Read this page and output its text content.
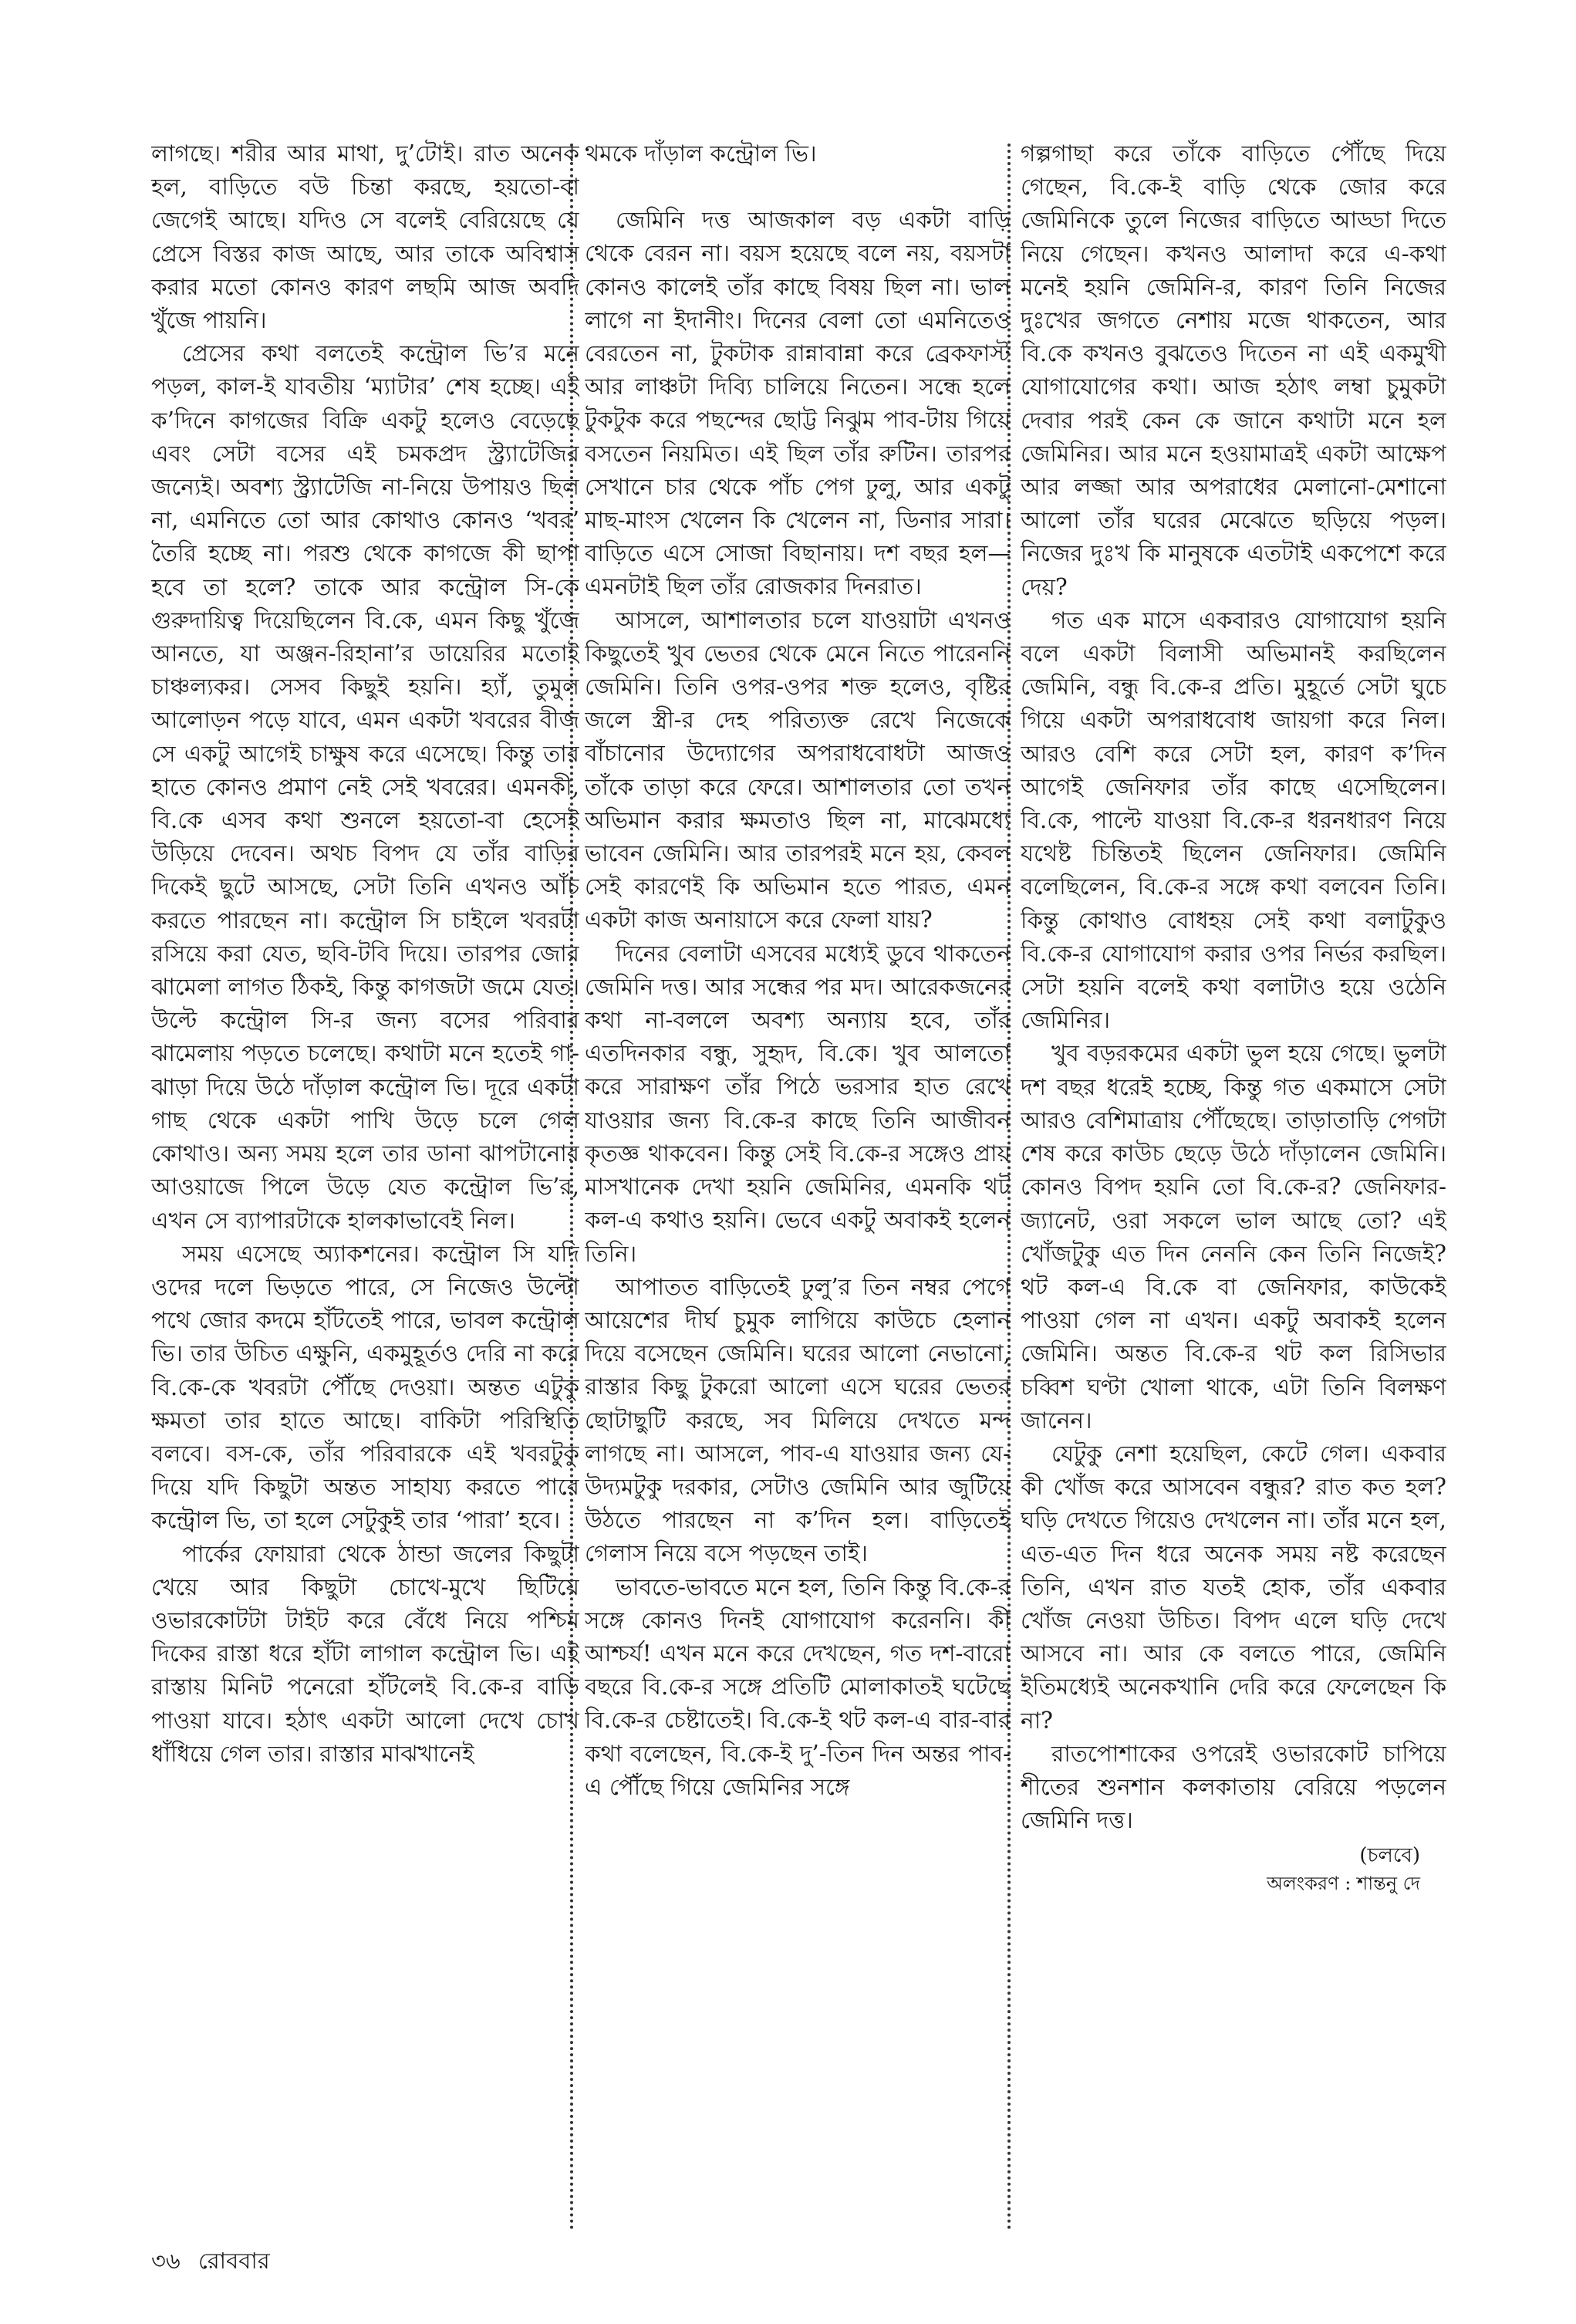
লাগছে। শরীর আর মাথা, দু’টোই। রাত অনেক হল, বাড়িতে বউ চিন্তা করছে, হয়তো-বা জেগেই আছে। যদিও সে বলেই বেরিয়েছে যে প্রেসে বিস্তর কাজ আছে, আর তাকে অবিশ্বাস করার মতো কোনও কারণ লছমি আজ অবদি খুঁজে পায়নি।

প্রেসের কথা বলতেই কন্ট্রোল ভি’র মনে পড়ল, কাল-ই যাবতীয় ‘ম্যাটার’ শেষ হচ্ছে। এই ক’দিনে কাগজের বিক্রি একটু হলেও বেড়েছে এবং সেটা বসের এই চমকপ্রদ স্ট্র্যাটেজির জন্যেই। অবশ্য স্ট্র্যাটেজি না-নিয়ে উপায়ও ছিল না, এমনিতে তো আর কোথাও কোনও ‘খবর’ তৈরি হচ্ছে না। পরশু থেকে কাগজে কী ছাপা হবে তা হলে? তাকে আর কন্ট্রোল সি-কে গুরুদায়িত্ব দিয়েছিলেন বি.কে, এমন কিছু খুঁজে আনতে, যা অঞ্জন-রিহানা’র ডায়েরির মতোই চাঞ্চল্যকর। সেসব কিছুই হয়নি। হ্যাঁ, তুমুল আলোড়ন পড়ে যাবে, এমন একটা খবরের বীজ সে একটু আগেই চাক্ষুষ করে এসেছে। কিন্তু তার হাতে কোনও প্রমাণ নেই সেই খবরের। এমনকী, বি.কে এসব কথা শুনলে হয়তো-বা হেসেই উড়িয়ে দেবেন। অথচ বিপদ যে তাঁর বাড়ির দিকেই ছুটে আসছে, সেটা তিনি এখনও আঁচ করতে পারছেন না। কন্ট্রোল সি চাইলে খবরটা রসিয়ে করা যেত, ছবি-টবি দিয়ে। তারপর জোর ঝামেলা লাগত ঠিকই, কিন্তু কাগজটা জমে যেত। উল্টে কন্ট্রোল সি-র জন্য বসের পরিবার ঝামেলায় পড়তে চলেছে। কথাটা মনে হতেই গা-ঝাড়া দিয়ে উঠে দাঁড়াল কন্ট্রোল ভি। দূরে একটা গাছ থেকে একটা পাখি উড়ে চলে গেল কোথাও। অন্য সময় হলে তার ডানা ঝাপটানোর আওয়াজে পিলে উড়ে যেত কন্ট্রোল ভি’র, এখন সে ব্যাপারটাকে হালকাভাবেই নিল।

সময় এসেছে অ্যাকশনের। কন্ট্রোল সি যদি ওদের দলে ভিড়তে পারে, সে নিজেও উল্টো পথে জোর কদমে হাঁটতেই পারে, ভাবল কন্ট্রোল ভি। তার উচিত এক্ষুনি, একমুহূর্তও দেরি না করে বি.কে-কে খবরটা পৌঁছে দেওয়া। অন্তত এটুকু ক্ষমতা তার হাতে আছে। বাকিটা পরিস্থিতি বলবে। বস-কে, তাঁর পরিবারকে এই খবরটুকু দিয়ে যদি কিছুটা অন্তত সাহায্য করতে পারে কন্ট্রোল ভি, তা হলে সেটুকুই তার ‘পারা’ হবে।

পার্কের ফোয়ারা থেকে ঠান্ডা জলের কিছুটা খেয়ে আর কিছুটা চোখে-মুখে ছিটিয়ে ওভারকোটটা টাইট করে বেঁধে নিয়ে পশ্চিম দিকের রাস্তা ধরে হাঁটা লাগাল কন্ট্রোল ভি। এই রাস্তায় মিনিট পনেরো হাঁটলেই বি.কে-র বাড়ি পাওয়া যাবে। হঠাৎ একটা আলো দেখে চোখ ধাঁধিয়ে গেল তার। রাস্তার মাঝখানেই

থমকে দাঁড়াল কন্ট্রোল ভি।

জেমিনি দত্ত আজকাল বড় একটা বাড়ি থেকে বেরন না। বয়স হয়েছে বলে নয়, বয়সটা কোনও কালেই তাঁর কাছে বিষয় ছিল না। ভাল লাগে না ইদানীং। দিনের বেলা তো এমনিতেও বেরতেন না, টুকটাক রান্নাবান্না করে ব্রেকফাস্ট আর লাঞ্চটা দিব্যি চালিয়ে নিতেন। সন্ধে হলে টুকটুক করে পছন্দের ছোট্ট নিঝুম পাব-টায় গিয়ে বসতেন নিয়মিত। এই ছিল তাঁর রুটিন। তারপর সেখানে চার থেকে পাঁচ পেগ ঢুলু, আর একটু মাছ-মাংস খেলেন কি খেলেন না, ডিনার সারা। বাড়িতে এসে সোজা বিছানায়। দশ বছর হল—এমনটাই ছিল তাঁর রোজকার দিনরাত।

আসলে, আশালতার চলে যাওয়াটা এখনও কিছুতেই খুব ভেতর থেকে মেনে নিতে পারেননি জেমিনি। তিনি ওপর-ওপর শক্ত হলেও, বৃষ্টির জলে স্ত্রী-র দেহ পরিত্যক্ত রেখে নিজেকে বাঁচানোর উদ্যোগের অপরাধবোধটা আজও তাঁকে তাড়া করে ফেরে। আশালতার তো তখন অভিমান করার ক্ষমতাও ছিল না, মাঝেমধ্যে ভাবেন জেমিনি। আর তারপরই মনে হয়, কেবল সেই কারণেই কি অভিমান হতে পারত, এমন একটা কাজ অনায়াসে করে ফেলা যায়?

দিনের বেলাটা এসবের মধ্যেই ডুবে থাকতেন জেমিনি দত্ত। আর সন্ধের পর মদ। আরেকজনের কথা না-বললে অবশ্য অন্যায় হবে, তাঁর এতদিনকার বন্ধু, সুহৃদ, বি.কে। খুব আলতো করে সারাক্ষণ তাঁর পিঠে ভরসার হাত রেখে যাওয়ার জন্য বি.কে-র কাছে তিনি আজীবন কৃতজ্ঞ থাকবেন। কিন্তু সেই বি.কে-র সঙ্গেও প্রায় মাসখানেক দেখা হয়নি জেমিনির, এমনকি থট কল-এ কথাও হয়নি। ভেবে একটু অবাকই হলেন তিনি।

আপাতত বাড়িতেই ঢুলু’র তিন নম্বর পেগে আয়েশের দীর্ঘ চুমুক লাগিয়ে কাউচে হেলান দিয়ে বসেছেন জেমিনি। ঘরের আলো নেভানো, রাস্তার কিছু টুকরো আলো এসে ঘরের ভেতর ছোটাছুটি করছে, সব মিলিয়ে দেখতে মন্দ লাগছে না। আসলে, পাব-এ যাওয়ার জন্য যে-উদ্যমটুকু দরকার, সেটাও জেমিনি আর জুটিয়ে উঠতে পারছেন না ক’দিন হল। বাড়িতেই গেলাস নিয়ে বসে পড়ছেন তাই।

ভাবতে-ভাবতে মনে হল, তিনি কিন্তু বি.কে-র সঙ্গে কোনও দিনই যোগাযোগ করেননি। কী আশ্চর্য! এখন মনে করে দেখছেন, গত দশ-বারো বছরে বি.কে-র সঙ্গে প্রতিটি মোলাকাতই ঘটেছে বি.কে-র চেষ্টাতেই। বি.কে-ই থট কল-এ বার-বার কথা বলেছেন, বি.কে-ই দু’-তিন দিন অন্তর পাব-এ পৌঁছে গিয়ে জেমিনির সঙ্গে

গল্পগাছা করে তাঁকে বাড়িতে পৌঁছে দিয়ে গেছেন, বি.কে-ই বাড়ি থেকে জোর করে জেমিনিকে তুলে নিজের বাড়িতে আড্ডা দিতে নিয়ে গেছেন। কখনও আলাদা করে এ-কথা মনেই হয়নি জেমিনি-র, কারণ তিনি নিজের দুঃখের জগতে নেশায় মজে থাকতেন, আর বি.কে কখনও বুঝতেও দিতেন না এই একমুখী যোগাযোগের কথা। আজ হঠাৎ লম্বা চুমুকটা দেবার পরই কেন কে জানে কথাটা মনে হল জেমিনির। আর মনে হওয়ামাত্রই একটা আক্ষেপ আর লজ্জা আর অপরাধের মেলানো-মেশানো আলো তাঁর ঘরের মেঝেতে ছড়িয়ে পড়ল। নিজের দুঃখ কি মানুষকে এতটাই একপেশে করে দেয়?

গত এক মাসে একবারও যোগাযোগ হয়নি বলে একটা বিলাসী অভিমানই করছিলেন জেমিনি, বন্ধু বি.কে-র প্রতি। মুহূর্তে সেটা ঘুচে গিয়ে একটা অপরাধবোধ জায়গা করে নিল। আরও বেশি করে সেটা হল, কারণ ক’দিন আগেই জেনিফার তাঁর কাছে এসেছিলেন। বি.কে, পাল্টে যাওয়া বি.কে-র ধরনধারণ নিয়ে যথেষ্ট চিন্তিতই ছিলেন জেনিফার। জেমিনি বলেছিলেন, বি.কে-র সঙ্গে কথা বলবেন তিনি। কিন্তু কোথাও বোধহয় সেই কথা বলাটুকুও বি.কে-র যোগাযোগ করার ওপর নির্ভর করছিল। সেটা হয়নি বলেই কথা বলাটাও হয়ে ওঠেনি জেমিনির।

খুব বড়রকমের একটা ভুল হয়ে গেছে। ভুলটা দশ বছর ধরেই হচ্ছে, কিন্তু গত একমাসে সেটা আরও বেশিমাত্রায় পৌঁছেছে। তাড়াতাড়ি পেগটা শেষ করে কাউচ ছেড়ে উঠে দাঁড়ালেন জেমিনি। কোনও বিপদ হয়নি তো বি.কে-র? জেনিফার-জ্যানেট, ওরা সকলে ভাল আছে তো? এই খোঁজটুকু এত দিন নেননি কেন তিনি নিজেই? থট কল-এ বি.কে বা জেনিফার, কাউকেই পাওয়া গেল না এখন। একটু অবাকই হলেন জেমিনি। অন্তত বি.কে-র থট কল রিসিভার চব্বিশ ঘণ্টা খোলা থাকে, এটা তিনি বিলক্ষণ জানেন।

যেটুকু নেশা হয়েছিল, কেটে গেল। একবার কী খোঁজ করে আসবেন বন্ধুর? রাত কত হল? ঘড়ি দেখতে গিয়েও দেখলেন না। তাঁর মনে হল, এত-এত দিন ধরে অনেক সময় নষ্ট করেছেন তিনি, এখন রাত যতই হোক, তাঁর একবার খোঁজ নেওয়া উচিত। বিপদ এলে ঘড়ি দেখে আসবে না। আর কে বলতে পারে, জেমিনি ইতিমধ্যেই অনেকখানি দেরি করে ফেলেছেন কি না?

রাতপোশাকের ওপরেই ওভারকোট চাপিয়ে শীতের শুনশান কলকাতায় বেরিয়ে পড়লেন জেমিনি দত্ত।

(চলবে)
অলংকরণ : শান্তনু দে
৩৬ রোববার
